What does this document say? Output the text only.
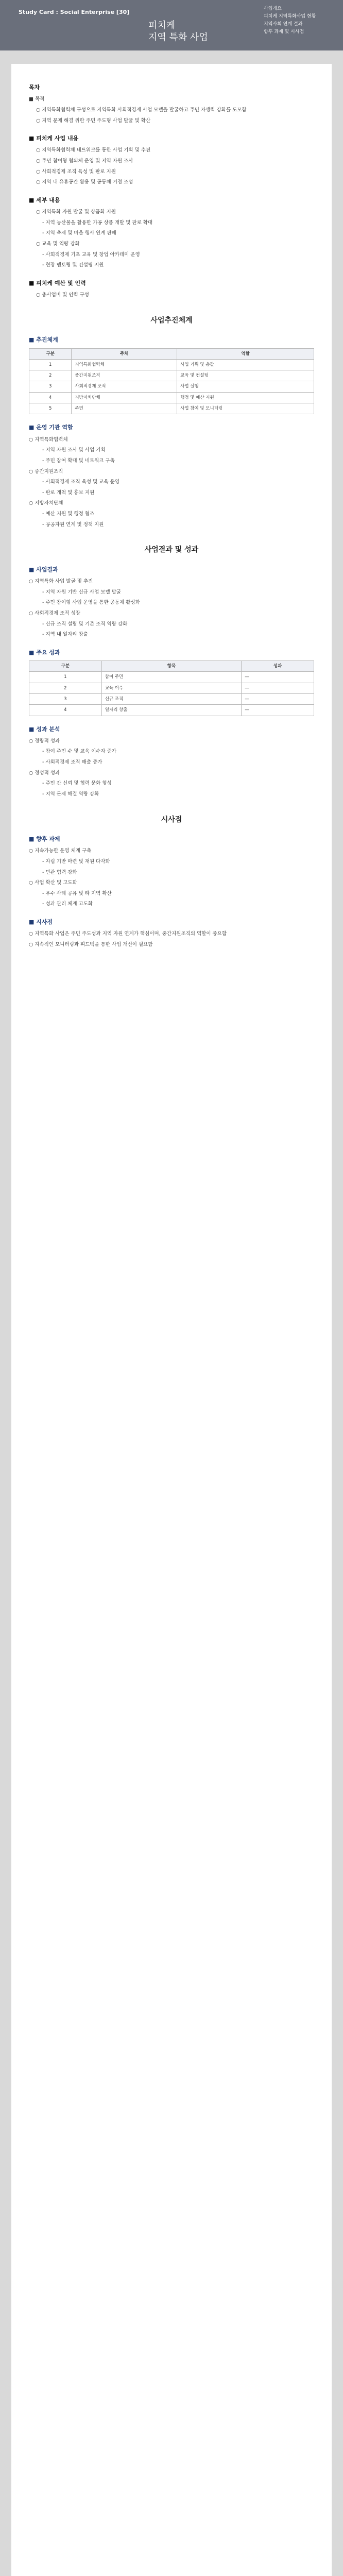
Study Card : Social Enterprise [30]
피치케
지역 특화 사업
사업개요
피치케 지역특화사업 현황
지역사회 연계 결과
향후 과제 및 시사점
목차
■ 목적
○ 지역특화협력체 구성으로 지역특화 사회적경제 사업 모델을 발굴하고 주민 자생력 강화를 도모함
○ 지역 문제 해결 위한 주민 주도형 사업 발굴 및 확산
■ 피치케 사업 내용
○ 지역특화협력체 네트워크를 통한 사업 기획 및 추진
○ 주민 참여형 협의체 운영 및 지역 자원 조사
○ 사회적경제 조직 육성 및 판로 지원
○ 지역 내 유휴공간 활용 및 공동체 거점 조성
■ 세부 내용
○ 지역특화 자원 발굴 및 상품화 지원
- 지역 농산물을 활용한 가공 상품 개발 및 판로 확대
- 지역 축제 및 마을 행사 연계 판매
○ 교육 및 역량 강화
- 사회적경제 기초 교육 및 창업 아카데미 운영
- 현장 멘토링 및 컨설팅 지원
■ 피치케 예산 및 인력
○ 총사업비 및 인력 구성
사업추진체계
■ 추진체계
구분	주체	역할
1	지역특화협력체	사업 기획 및 총괄
2	중간지원조직	교육 및 컨설팅
3	사회적경제 조직	사업 실행
4	지방자치단체	행정 및 예산 지원
5	주민	사업 참여 및 모니터링
■ 운영 기관 역할
○ 지역특화협력체
- 지역 자원 조사 및 사업 기획
- 주민 참여 확대 및 네트워크 구축
○ 중간지원조직
- 사회적경제 조직 육성 및 교육 운영
- 판로 개척 및 홍보 지원
○ 지방자치단체
- 예산 지원 및 행정 협조
- 공공자원 연계 및 정책 지원
사업결과 및 성과
■ 사업결과
○ 지역특화 사업 발굴 및 추진
- 지역 자원 기반 신규 사업 모델 발굴
- 주민 참여형 사업 운영을 통한 공동체 활성화
○ 사회적경제 조직 성장
- 신규 조직 설립 및 기존 조직 역량 강화
- 지역 내 일자리 창출
■ 주요 성과
구분	항목	성과
1	참여 주민	—
2	교육 이수	—
3	신규 조직	—
4	일자리 창출	—
■ 성과 분석
○ 정량적 성과
- 참여 주민 수 및 교육 이수자 증가
- 사회적경제 조직 매출 증가
○ 정성적 성과
- 주민 간 신뢰 및 협력 문화 형성
- 지역 문제 해결 역량 강화
시사점
■ 향후 과제
○ 지속가능한 운영 체계 구축
- 자립 기반 마련 및 재원 다각화
- 민관 협력 강화
○ 사업 확산 및 고도화
- 우수 사례 공유 및 타 지역 확산
- 성과 관리 체계 고도화
■ 시사점
○ 지역특화 사업은 주민 주도성과 지역 자원 연계가 핵심이며, 중간지원조직의 역할이 중요함
○ 지속적인 모니터링과 피드백을 통한 사업 개선이 필요함
